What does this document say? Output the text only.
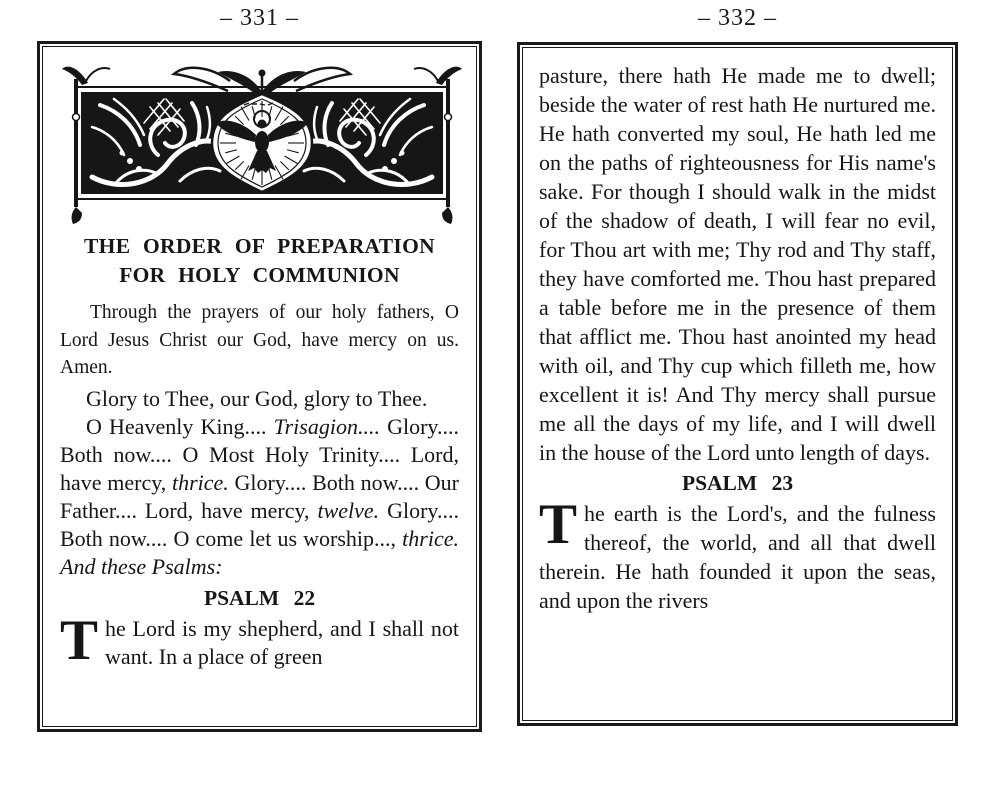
– 331 –	– 332 –
THE ORDER OF PREPARATION
FOR HOLY COMMUNION

Through the prayers of our holy fathers, O Lord Jesus Christ our God, have mercy on us. Amen.

Glory to Thee, our God, glory to Thee.

O Heavenly King.... Trisagion.... Glory.... Both now.... O Most Holy Trinity.... Lord, have mercy, thrice. Glory.... Both now.... Our Father.... Lord, have mercy, twelve. Glory.... Both now.... O come let us worship..., thrice. And these Psalms:

PSALM 22

The Lord is my shepherd, and I shall not want. In a place of green

pasture, there hath He made me to dwell; beside the water of rest hath He nurtured me. He hath converted my soul, He hath led me on the paths of righteousness for His name's sake. For though I should walk in the midst of the shadow of death, I will fear no evil, for Thou art with me; Thy rod and Thy staff, they have comforted me. Thou hast prepared a table before me in the presence of them that afflict me. Thou hast anointed my head with oil, and Thy cup which filleth me, how excellent it is! And Thy mercy shall pursue me all the days of my life, and I will dwell in the house of the Lord unto length of days.

PSALM 23

The earth is the Lord's, and the fulness thereof, the world, and all that dwell therein. He hath founded it upon the seas, and upon the rivers
